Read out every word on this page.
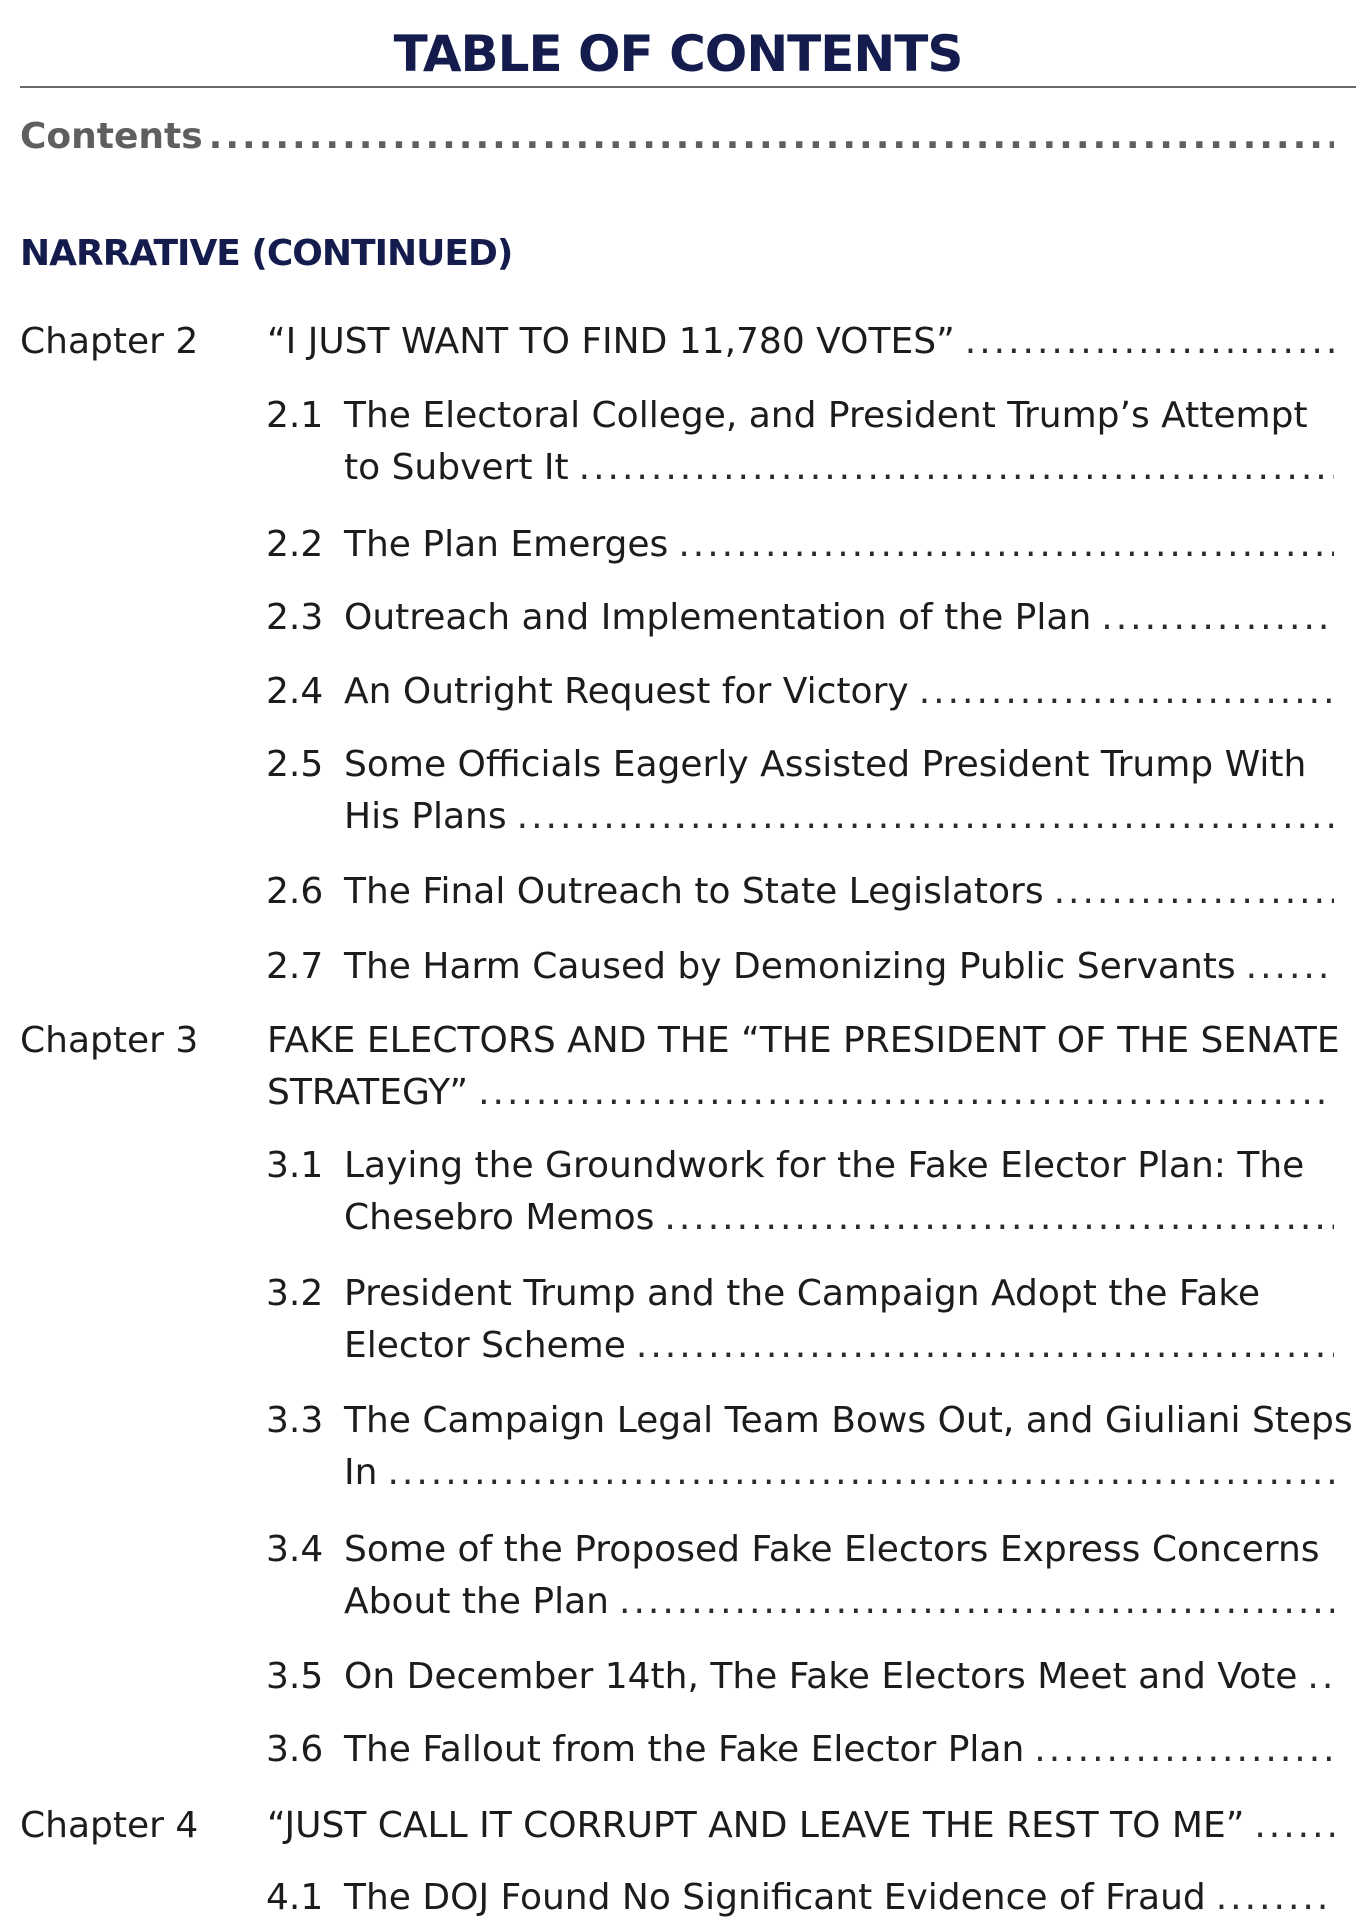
TABLE OF CONTENTS
Contents
.....
NARRATIVE (CONTINUED)
Chapter 2 “I JUST WANT TO FIND 11,780 VOTES”
.....
2.1 The Electoral College, and President Trump’s Attempt
to Subvert It
.....
2.2 The Plan Emerges
.....
2.3 Outreach and Implementation of the Plan
.....
2.4 An Outright Request for Victory
.....
2.5 Some Officials Eagerly Assisted President Trump With
His Plans
.....
2.6 The Final Outreach to State Legislators
.....
2.7 The Harm Caused by Demonizing Public Servants
.....
Chapter 3 FAKE ELECTORS AND THE “THE PRESIDENT OF THE SENATE
STRATEGY”
.....
3.1 Laying the Groundwork for the Fake Elector Plan: The
Chesebro Memos
.....
3.2 President Trump and the Campaign Adopt the Fake
Elector Scheme
.....
3.3 The Campaign Legal Team Bows Out, and Giuliani Steps
In
.....
3.4 Some of the Proposed Fake Electors Express Concerns
About the Plan
.....
3.5 On December 14th, The Fake Electors Meet and Vote
.....
3.6 The Fallout from the Fake Elector Plan
.....
Chapter 4 “JUST CALL IT CORRUPT AND LEAVE THE REST TO ME”
.....
4.1 The DOJ Found No Significant Evidence of Fraud
.....
